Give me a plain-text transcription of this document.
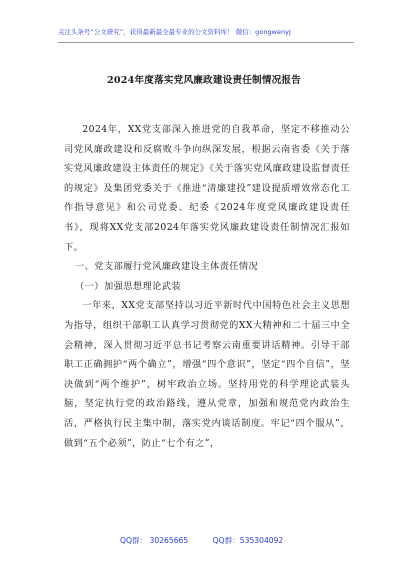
关注头条号“公文研究”，获得最新最全最专业的公文资料库！ 微信：gongwenyj
2024年度落实党风廉政建设责任制情况报告

2024年，XX党支部深入推进党的自我革命，坚定不移推动公司党风廉政建设和反腐败斗争向纵深发展，根据云南省委《关于落实党风廉政建设主体责任的规定》《关于落实党风廉政建设监督责任的规定》及集团党委关于《推进“清廉建投”建设提质增效常态化工作指导意见》和公司党委、纪委《2024年度党风廉政建设责任书》，现将XX党支部2024年落实党风廉政建设责任制情况汇报如下。

一、党支部履行党风廉政建设主体责任情况

（一）加强思想理论武装

一年来，XX党支部坚持以习近平新时代中国特色社会主义思想为指导，组织干部职工认真学习贯彻党的XX大精神和二十届三中全会精神，深入贯彻习近平总书记考察云南重要讲话精神。引导干部职工正确拥护“两个确立”，增强“四个意识”，坚定“四个自信”，坚决做到“两个维护”，树牢政治立场。坚持用党的科学理论武装头脑，坚定执行党的政治路线，遵从党章，加强和规范党内政治生活，严格执行民主集中制，落实党内谈话制度。牢记“四个服从”，做到“五个必须”，防止“七个有之”，

QQ群： 30265665	QQ群：535304092
